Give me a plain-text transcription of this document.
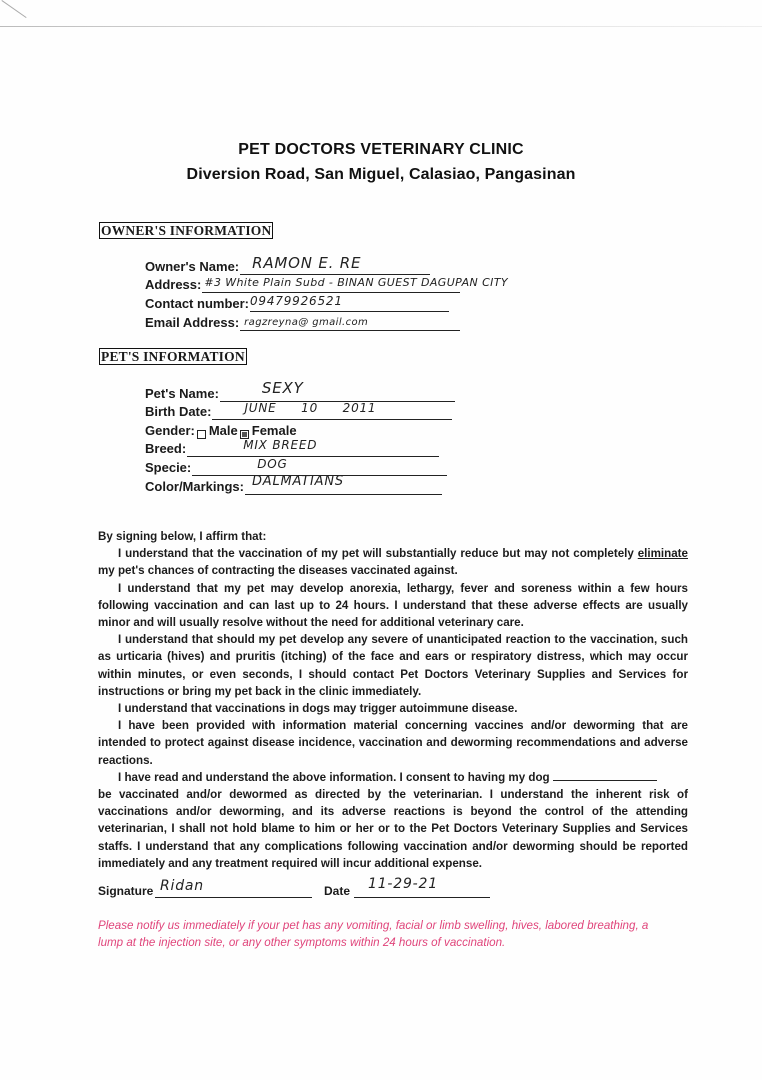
PET DOCTORS VETERINARY CLINIC
Diversion Road, San Miguel, Calasiao, Pangasinan
OWNER'S INFORMATION
Owner's Name: RAMON E. RE
Address: #3 White Plain Subd - BINAN GUEST DAGUPAN CITY
Contact number: 09479926521
Email Address: ragzreyna@ gmail.com
PET'S INFORMATION
Pet's Name:	SEXY
Birth Date:	JUNE 10 2011
Gender: Male Female
Breed:	MIX BREED
Specie:	DOG
Color/Markings: DALMATIANS

By signing below, I affirm that:

I understand that the vaccination of my pet will substantially reduce but may not completely eliminate my pet's chances of contracting the diseases vaccinated against.

I understand that my pet may develop anorexia, lethargy, fever and soreness within a few hours following vaccination and can last up to 24 hours. I understand that these adverse effects are usually minor and will usually resolve without the need for additional veterinary care.

I understand that should my pet develop any severe of unanticipated reaction to the vaccination, such as urticaria (hives) and pruritis (itching) of the face and ears or respiratory distress, which may occur within minutes, or even seconds, I should contact Pet Doctors Veterinary Supplies and Services for instructions or bring my pet back in the clinic immediately.

I understand that vaccinations in dogs may trigger autoimmune disease.

I have been provided with information material concerning vaccines and/or deworming that are intended to protect against disease incidence, vaccination and deworming recommendations and adverse reactions.

I have read and understand the above information. I consent to having my dog

be vaccinated and/or dewormed as directed by the veterinarian. I understand the inherent risk of vaccinations and/or deworming, and its adverse reactions is beyond the control of the attending veterinarian, I shall not hold blame to him or her or to the Pet Doctors Veterinary Supplies and Services staffs. I understand that any complications following vaccination and/or deworming should be reported immediately and any treatment required will incur additional expense.

Signature Ridan	Date 11-29-21
Please notify us immediately if your pet has any vomiting, facial or limb swelling, hives, labored breathing, a lump at the injection site, or any other symptoms within 24 hours of vaccination.
